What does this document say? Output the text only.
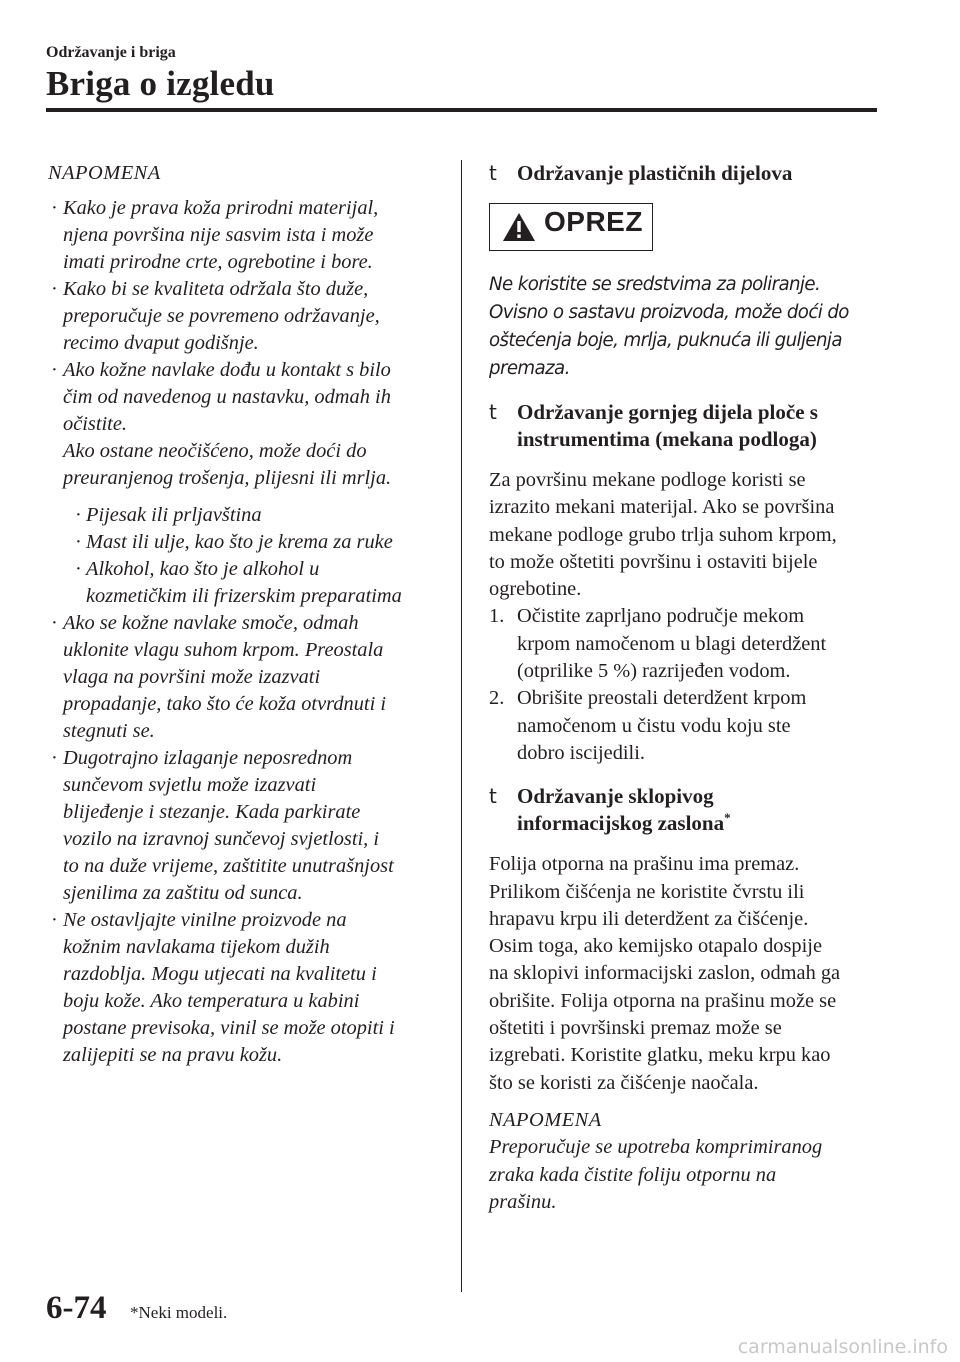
Održavanje i briga
Briga o izgledu
NAPOMENA
· Kako je prava koža prirodni materijal,
njena površina nije sasvim ista i može
imati prirodne crte, ogrebotine i bore.
· Kako bi se kvaliteta održala što duže,
preporučuje se povremeno održavanje,
recimo dvaput godišnje.
· Ako kožne navlake dođu u kontakt s bilo
čim od navedenog u nastavku, odmah ih
očistite.
Ako ostane neočišćeno, može doći do
preuranjenog trošenja, plijesni ili mrlja.
· Pijesak ili prljavština
· Mast ili ulje, kao što je krema za ruke
· Alkohol, kao što je alkohol u
kozmetičkim ili frizerskim preparatima
· Ako se kožne navlake smoče, odmah
uklonite vlagu suhom krpom. Preostala
vlaga na površini može izazvati
propadanje, tako što će koža otvrdnuti i
stegnuti se.
· Dugotrajno izlaganje neposrednom
sunčevom svjetlu može izazvati
blijeđenje i stezanje. Kada parkirate
vozilo na izravnoj sunčevoj svjetlosti, i
to na duže vrijeme, zaštitite unutrašnjost
sjenilima za zaštitu od sunca.
· Ne ostavljajte vinilne proizvode na
kožnim navlakama tijekom dužih
razdoblja. Mogu utjecati na kvalitetu i
boju kože. Ako temperatura u kabini
postane previsoka, vinil se može otopiti i
zalijepiti se na pravu kožu.
t Održavanje plastičnih dijelova
OPREZ
Ne koristite se sredstvima za poliranje.
Ovisno o sastavu proizvoda, može doći do
oštećenja boje, mrlja, puknuća ili guljenja
premaza.
t Održavanje gornjeg dijela ploče s
instrumentima (mekana podloga)
Za površinu mekane podloge koristi se
izrazito mekani materijal. Ako se površina
mekane podloge grubo trlja suhom krpom,
to može oštetiti površinu i ostaviti bijele
ogrebotine.
1. Očistite zaprljano područje mekom
krpom namočenom u blagi deterdžent
(otprilike 5 %) razrijeđen vodom.
2. Obrišite preostali deterdžent krpom
namočenom u čistu vodu koju ste
dobro iscijedili.
t Održavanje sklopivog
informacijskog zaslona*
Folija otporna na prašinu ima premaz.
Prilikom čišćenja ne koristite čvrstu ili
hrapavu krpu ili deterdžent za čišćenje.
Osim toga, ako kemijsko otapalo dospije
na sklopivi informacijski zaslon, odmah ga
obrišite. Folija otporna na prašinu može se
oštetiti i površinski premaz može se
izgrebati. Koristite glatku, meku krpu kao
što se koristi za čišćenje naočala.
NAPOMENA
Preporučuje se upotreba komprimiranog
zraka kada čistite foliju otpornu na
prašinu.
6-74 *Neki modeli.
carmanualsonline.info
